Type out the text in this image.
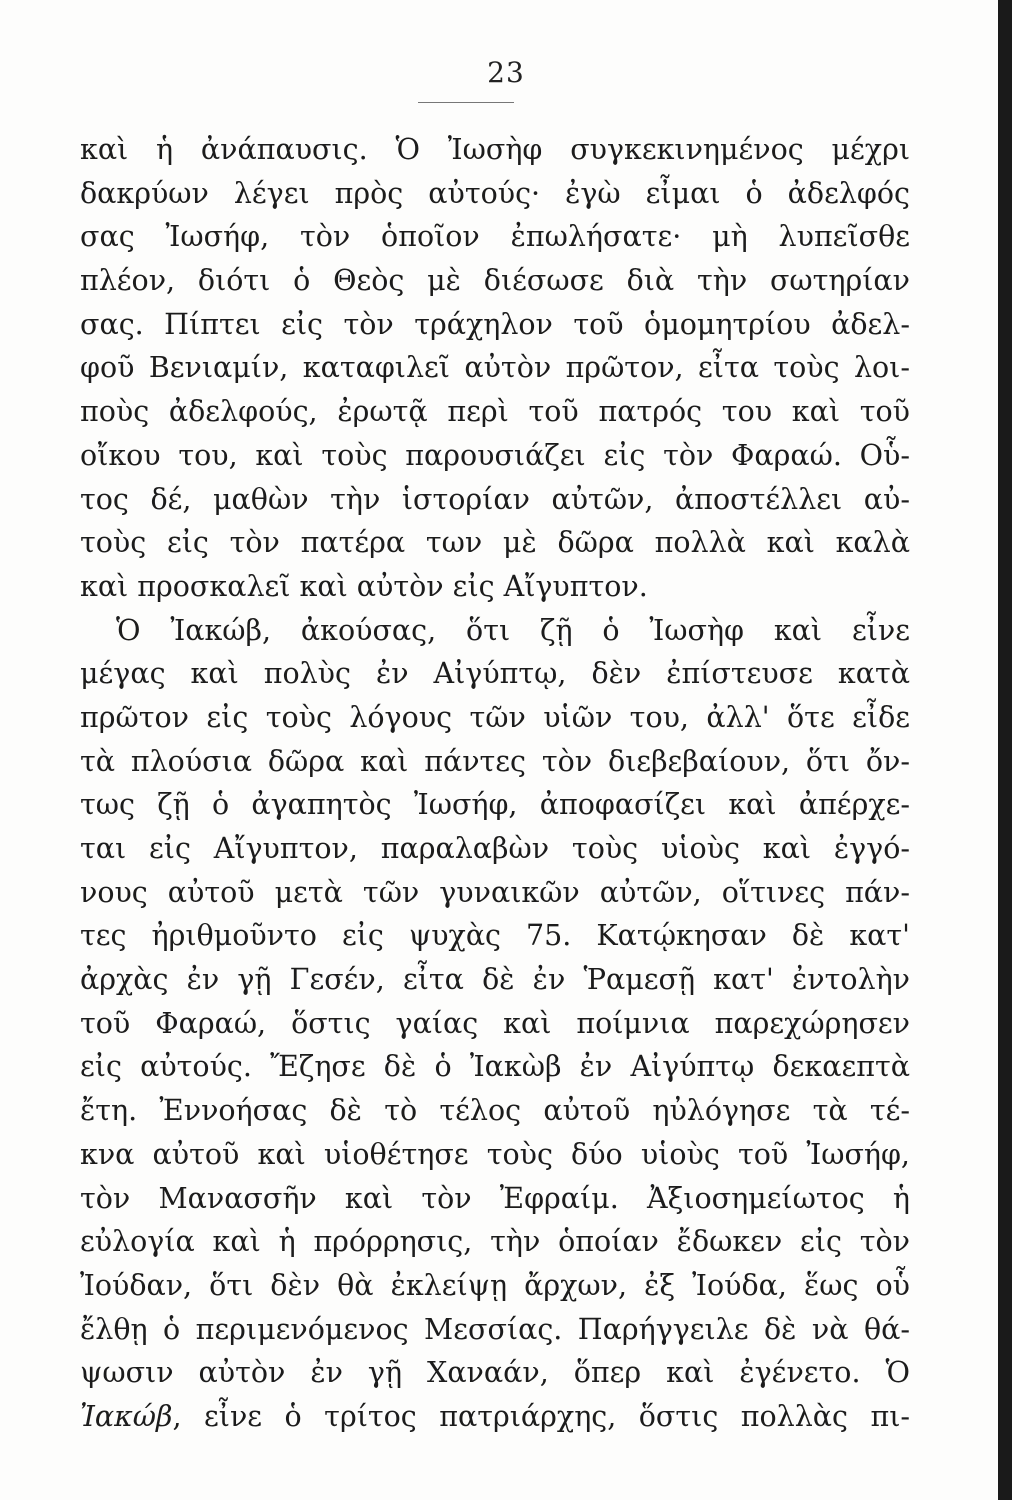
23
καὶ ἡ ἀνάπαυσις. Ὁ Ἰωσὴφ συγκεκινημένος μέχρι
δακρύων λέγει πρὸς αὐτούς· ἐγὼ εἶμαι ὁ ἀδελφός
σας Ἰωσήφ, τὸν ὁποῖον ἐπωλήσατε· μὴ λυπεῖσθε
πλέον, διότι ὁ Θεὸς μὲ διέσωσε διὰ τὴν σωτηρίαν
σας. Πίπτει εἰς τὸν τράχηλον τοῦ ὁμομητρίου ἀδελ-
φοῦ Βενιαμίν, καταφιλεῖ αὐτὸν πρῶτον, εἶτα τοὺς λοι-
ποὺς ἀδελφούς, ἐρωτᾷ περὶ τοῦ πατρός του καὶ τοῦ
οἴκου του, καὶ τοὺς παρουσιάζει εἰς τὸν Φαραώ. Οὗ-
τος δέ, μαθὼν τὴν ἱστορίαν αὐτῶν, ἀποστέλλει αὐ-
τοὺς εἰς τὸν πατέρα των μὲ δῶρα πολλὰ καὶ καλὰ
καὶ προσκαλεῖ καὶ αὐτὸν εἰς Αἴγυπτον.
Ὁ Ἰακώβ, ἀκούσας, ὅτι ζῇ ὁ Ἰωσὴφ καὶ εἶνε
μέγας καὶ πολὺς ἐν Αἰγύπτῳ, δὲν ἐπίστευσε κατὰ
πρῶτον εἰς τοὺς λόγους τῶν υἱῶν του, ἀλλ' ὅτε εἶδε
τὰ πλούσια δῶρα καὶ πάντες τὸν διεβεβαίουν, ὅτι ὄν-
τως ζῇ ὁ ἀγαπητὸς Ἰωσήφ, ἀποφασίζει καὶ ἀπέρχε-
ται εἰς Αἴγυπτον, παραλαβὼν τοὺς υἱοὺς καὶ ἐγγό-
νους αὐτοῦ μετὰ τῶν γυναικῶν αὐτῶν, οἵτινες πάν-
τες ἠριθμοῦντο εἰς ψυχὰς 75. Κατῴκησαν δὲ κατ'
ἀρχὰς ἐν γῇ Γεσέν, εἶτα δὲ ἐν Ῥαμεσῇ κατ' ἐντολὴν
τοῦ Φαραώ, ὅστις γαίας καὶ ποίμνια παρεχώρησεν
εἰς αὐτούς. Ἔζησε δὲ ὁ Ἰακὼβ ἐν Αἰγύπτῳ δεκαεπτὰ
ἔτη. Ἐννοήσας δὲ τὸ τέλος αὐτοῦ ηὐλόγησε τὰ τέ-
κνα αὐτοῦ καὶ υἱοθέτησε τοὺς δύο υἱοὺς τοῦ Ἰωσήφ,
τὸν Μανασσῆν καὶ τὸν Ἐφραίμ. Ἀξιοσημείωτος ἡ
εὐλογία καὶ ἡ πρόρρησις, τὴν ὁποίαν ἔδωκεν εἰς τὸν
Ἰούδαν, ὅτι δὲν θὰ ἐκλείψῃ ἄρχων, ἐξ Ἰούδα, ἕως οὗ
ἔλθῃ ὁ περιμενόμενος Μεσσίας. Παρήγγειλε δὲ νὰ θά-
ψωσιν αὐτὸν ἐν γῇ Χαναάν, ὅπερ καὶ ἐγένετο. Ὁ
Ἰακώβ, εἶνε ὁ τρίτος πατριάρχης, ὅστις πολλὰς πι-
